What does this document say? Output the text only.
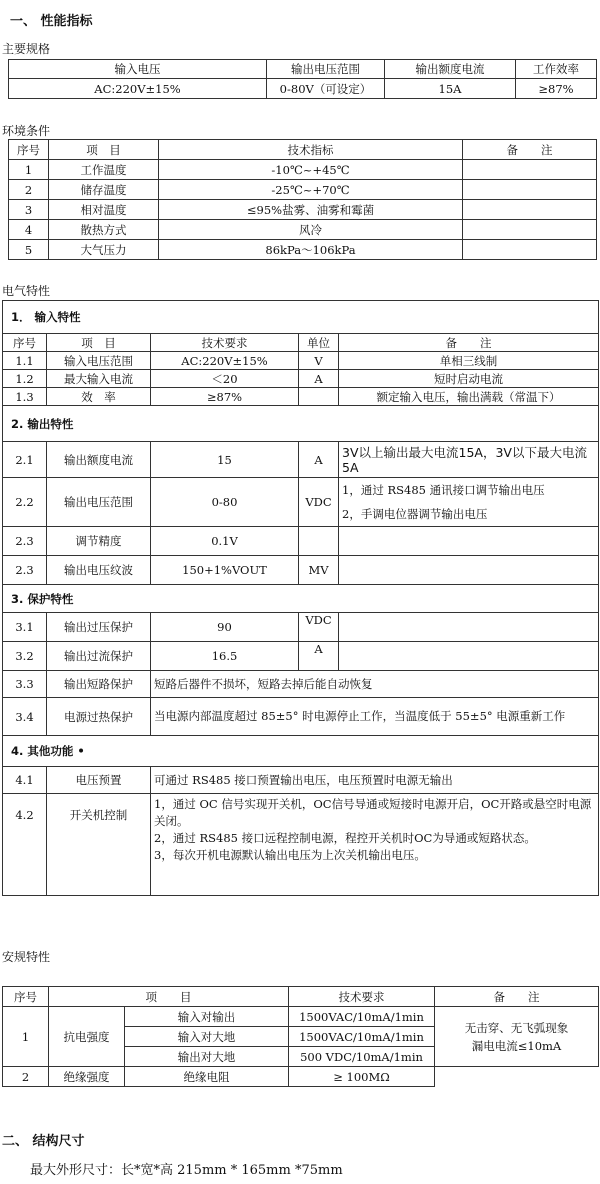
一、 性能指标
主要规格
输入电压	输出电压范围	输出额度电流	工作效率
AC:220V±15%	0-80V（可设定）	15A	≥87%
环境条件
序号	项　目	技术指标	备　　注
1	工作温度	-10℃~+45℃	
2	储存温度	-25℃~+70℃	
3	相对温度	≤95%盐雾、油雾和霉菌	
4	散热方式	风冷	
5	大气压力	86kPa～106kPa	
电气特性
1． 输入特性				
序号	项　目	技术要求	单位	备　　注
1.1	输入电压范围	AC:220V±15%	V	单相三线制
1.2	最大输入电流	＜20	A	短时启动电流
1.3	效　率	≥87%		额定输入电压，输出满载（常温下）
2. 输出特性				
2.1	输出额度电流	15	A	3V以上输出最大电流15A，3V以下最大电流5A
2.2	输出电压范围	0-80	VDC	1，通过 RS485 通讯接口调节输出电压
2，手调电位器调节输出电压

2.3	调节精度	0.1V		
2.3	输出电压纹波	150+1%VOUT	MV	
3. 保护特性				
3.1	输出过压保护	90	VDC	
3.2	输出过流保护	16.5	A	
3.3	输出短路保护	短路后器件不损坏，短路去掉后能自动恢复		
3.4	电源过热保护	当电源内部温度超过 85±5° 时电源停止工作，当温度低于 55±5° 电源重新工作		
4. 其他功能 •				
4.1	电压预置	可通过 RS485 接口预置输出电压，电压预置时电源无输出		
4.2	开关机控制	1，通过 OC 信号实现开关机，OC信号导通或短接时电源开启，OC开路或悬空时电源关闭。
2，通过 RS485 接口远程控制电源，程控开关机时OC为导通或短路状态。
3，每次开机电源默认输出电压为上次关机输出电压。		
安规特性
序号	项　　目		技术要求	备　　注
1	抗电强度	输入对输出	1500VAC/10mA/1min	无击穿、无飞弧现象
漏电电流≤10mA

		输入对大地	1500VAC/10mA/1min	
		输出对大地	500 VDC/10mA/1min	
2	绝缘强度	绝缘电阻	≥ 100MΩ	
二、 结构尺寸
最大外形尺寸：长*宽*高 215mm * 165mm *75mm
